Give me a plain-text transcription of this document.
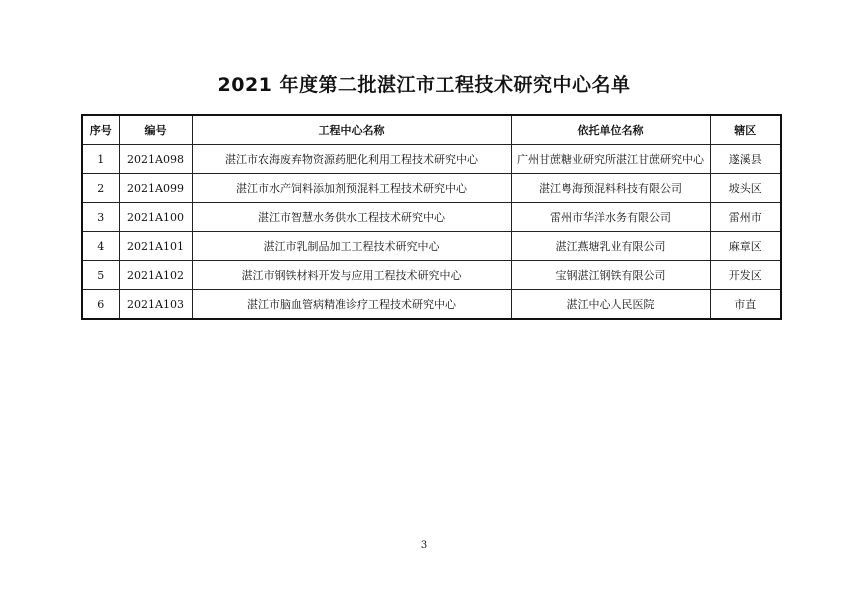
2021 年度第二批湛江市工程技术研究中心名单
序号	编号	工程中心名称	依托单位名称	辖区
1	2021A098	湛江市农海废弃物资源药肥化利用工程技术研究中心	广州甘蔗糖业研究所湛江甘蔗研究中心	遂溪县
2	2021A099	湛江市水产饲料添加剂预混料工程技术研究中心	湛江粤海预混料科技有限公司	坡头区
3	2021A100	湛江市智慧水务供水工程技术研究中心	雷州市华洋水务有限公司	雷州市
4	2021A101	湛江市乳制品加工工程技术研究中心	湛江燕塘乳业有限公司	麻章区
5	2021A102	湛江市钢铁材料开发与应用工程技术研究中心	宝钢湛江钢铁有限公司	开发区
6	2021A103	湛江市脑血管病精准诊疗工程技术研究中心	湛江中心人民医院	市直
3
